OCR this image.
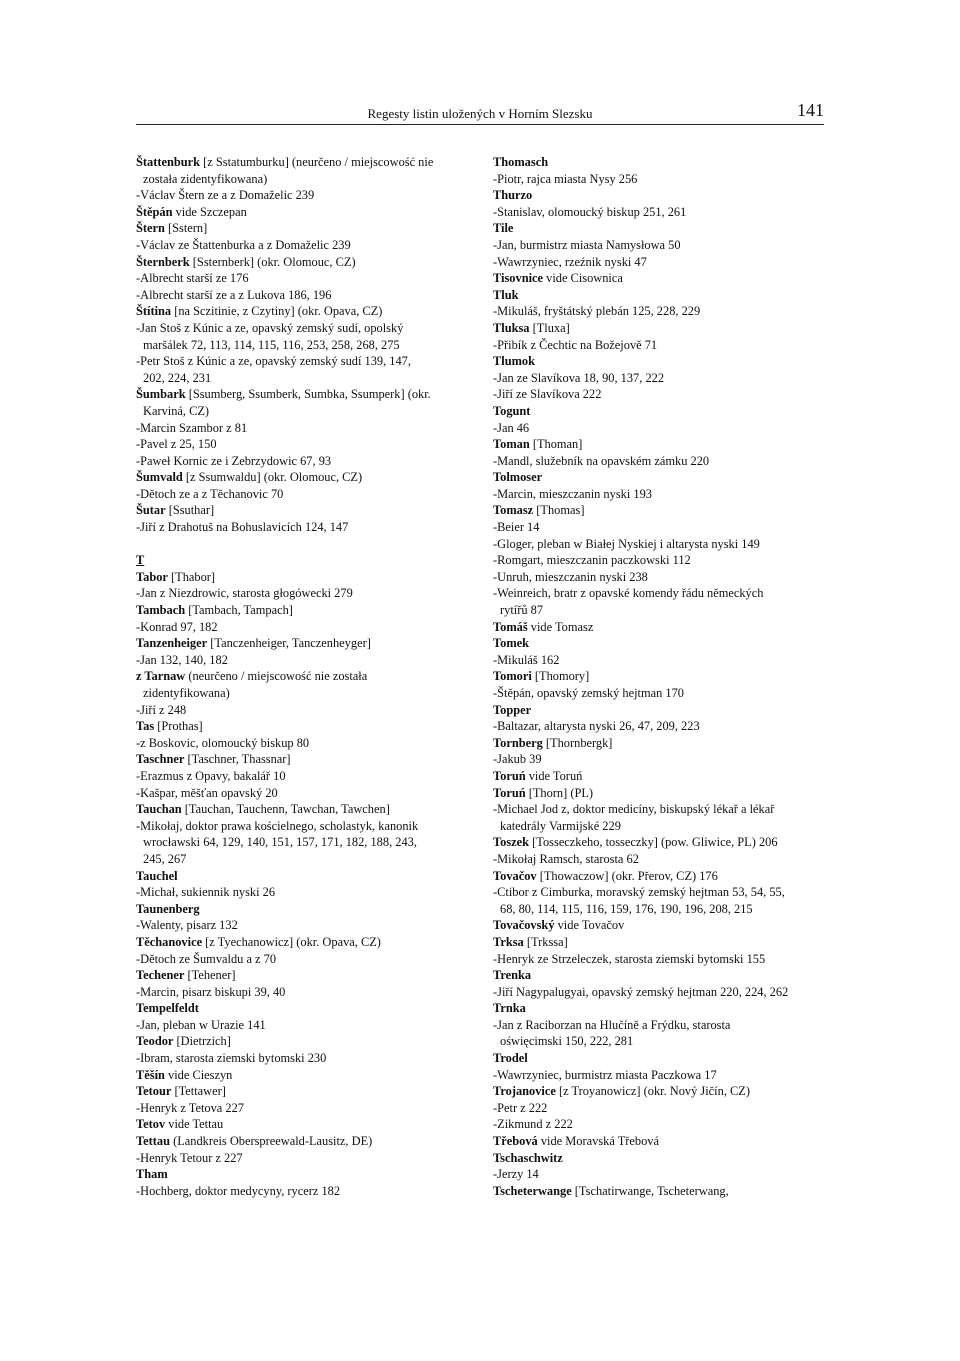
Regesty listin uložených v Horním Slezsku	141
Štattenburk [z Sstatumburku] (neurčeno / miejscowość nie
została zidentyfikowana)
-Václav Štern ze a z Domaželic 239
Štěpán vide Szczepan
Štern [Sstern]
-Václav ze Štattenburka a z Domaželic 239
Šternberk [Ssternberk] (okr. Olomouc, CZ)
-Albrecht starší ze 176
-Albrecht starší ze a z Lukova 186, 196
Štítina [na Sczitinie, z Czytiny] (okr. Opava, CZ)
-Jan Stoš z Kúnic a ze, opavský zemský sudí, opolský
maršálek 72, 113, 114, 115, 116, 253, 258, 268, 275
-Petr Stoš z Kúnic a ze, opavský zemský sudí 139, 147,
202, 224, 231
Šumbark [Ssumberg, Ssumberk, Sumbka, Ssumperk] (okr.
Karviná, CZ)
-Marcin Szambor z 81
-Pavel z 25, 150
-Paweł Kornic ze i Zebrzydowic 67, 93
Šumvald [z Ssumwaldu] (okr. Olomouc, CZ)
-Dětoch ze a z Těchanovic 70
Šutar [Ssuthar]
-Jiří z Drahotuš na Bohuslavicích 124, 147
T
Tabor [Thabor]
-Jan z Niezdrowic, starosta głogówecki 279
Tambach [Tambach, Tampach]
-Konrad 97, 182
Tanzenheiger [Tanczenheiger, Tanczenheyger]
-Jan 132, 140, 182
z Tarnaw (neurčeno / miejscowość nie została
zidentyfikowana)
-Jiří z 248
Tas [Prothas]
-z Boskovic, olomoucký biskup 80
Taschner [Taschner, Thassnar]
-Erazmus z Opavy, bakalář 10
-Kašpar, měšťan opavský 20
Tauchan [Tauchan, Tauchenn, Tawchan, Tawchen]
-Mikołaj, doktor prawa kościelnego, scholastyk, kanonik
wrocławski 64, 129, 140, 151, 157, 171, 182, 188, 243,
245, 267
Tauchel
-Michał, sukiennik nyski 26
Taunenberg
-Walenty, pisarz 132
Těchanovice [z Tyechanowicz] (okr. Opava, CZ)
-Dětoch ze Šumvaldu a z 70
Techener [Tehener]
-Marcin, pisarz biskupi 39, 40
Tempelfeldt
-Jan, pleban w Urazie 141
Teodor [Dietrzich]
-Ibram, starosta ziemski bytomski 230
Těšín vide Cieszyn
Tetour [Tettawer]
-Henryk z Tetova 227
Tetov vide Tettau
Tettau (Landkreis Oberspreewald-Lausitz, DE)
-Henryk Tetour z 227
Tham
-Hochberg, doktor medycyny, rycerz 182
Thomasch
-Piotr, rajca miasta Nysy 256
Thurzo
-Stanislav, olomoucký biskup 251, 261
Tile
-Jan, burmistrz miasta Namysłowa 50
-Wawrzyniec, rzeźnik nyski 47
Tisovnice vide Cisownica
Tluk
-Mikuláš, fryštátský plebán 125, 228, 229
Tluksa [Tluxa]
-Přibík z Čechtic na Božejově 71
Tlumok
-Jan ze Slavíkova 18, 90, 137, 222
-Jiří ze Slavíkova 222
Togunt
-Jan 46
Toman [Thoman]
-Mandl, služebník na opavském zámku 220
Tolmoser
-Marcin, mieszczanin nyski 193
Tomasz [Thomas]
-Beier 14
-Gloger, pleban w Białej Nyskiej i altarysta nyski 149
-Romgart, mieszczanin paczkowski 112
-Unruh, mieszczanin nyski 238
-Weinreich, bratr z opavské komendy řádu německých
rytířů 87
Tomáš vide Tomasz
Tomek
-Mikuláš 162
Tomori [Thomory]
-Štěpán, opavský zemský hejtman 170
Topper
-Baltazar, altarysta nyski 26, 47, 209, 223
Tornberg [Thornbergk]
-Jakub 39
Toruń vide Toruń
Toruń [Thorn] (PL)
-Michael Jod z, doktor medicíny, biskupský lékař a lékař
katedrály Varmijské 229
Toszek [Tosseczkeho, tosseczky] (pow. Gliwice, PL) 206
-Mikołaj Ramsch, starosta 62
Tovačov [Thowaczow] (okr. Přerov, CZ) 176
-Ctibor z Cimburka, moravský zemský hejtman 53, 54, 55,
68, 80, 114, 115, 116, 159, 176, 190, 196, 208, 215
Tovačovský vide Tovačov
Trksa [Trkssa]
-Henryk ze Strzeleczek, starosta ziemski bytomski 155
Trenka
-Jiří Nagypalugyai, opavský zemský hejtman 220, 224, 262
Trnka
-Jan z Raciborzan na Hlučíně a Frýdku, starosta
oświęcimski 150, 222, 281
Trodel
-Wawrzyniec, burmistrz miasta Paczkowa 17
Trojanovice [z Troyanowicz] (okr. Nový Jičín, CZ)
-Petr z 222
-Zikmund z 222
Třebová vide Moravská Třebová
Tschaschwitz
-Jerzy 14
Tscheterwange [Tschatirwange, Tscheterwang,
